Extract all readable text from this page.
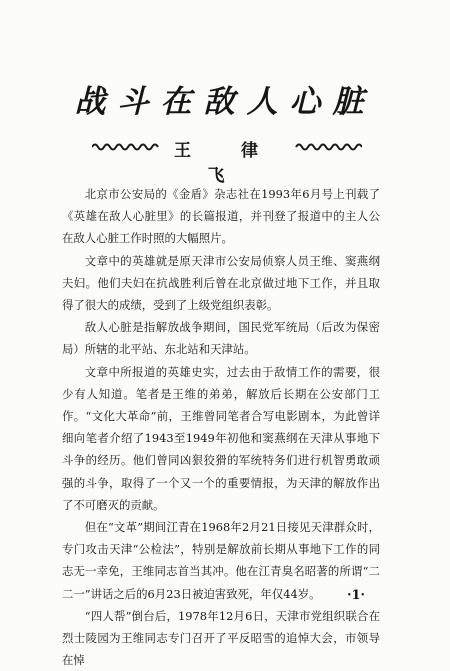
战斗在敌人心脏
王 律 飞

北京市公安局的《金盾》杂志社在1993年6月号上刊载了《英雄在敌人心脏里》的长篇报道，并刊登了报道中的主人公在敌人心脏工作时照的大幅照片。

文章中的英雄就是原天津市公安局侦察人员王维、窦燕纲夫妇。他们夫妇在抗战胜利后曾在北京做过地下工作，并且取得了很大的成绩，受到了上级党组织表彰。

敌人心脏是指解放战争期间，国民党军统局（后改为保密局）所辖的北平站、东北站和天津站。

文章中所报道的英雄史实，过去由于敌情工作的需要，很少有人知道。笔者是王维的弟弟，解放后长期在公安部门工作。“文化大革命”前，王维曾同笔者合写电影剧本，为此曾详细向笔者介绍了1943至1949年初他和窦燕纲在天津从事地下斗争的经历。他们曾同凶狠狡猾的军统特务们进行机智勇敢顽强的斗争，取得了一个又一个的重要情报，为天津的解放作出了不可磨灭的贡献。

但在“文革”期间江青在1968年2月21日接见天津群众时，专门攻击天津“公检法”，特别是解放前长期从事地下工作的同志无一幸免，王维同志首当其冲。他在江青臭名昭著的所谓“二二一”讲话之后的6月23日被迫害致死，年仅44岁。

“四人帮”倒台后，1978年12月6日，天津市党组织联合在烈士陵园为王维同志专门召开了平反昭雪的追悼大会，市领导在悼

·1·
